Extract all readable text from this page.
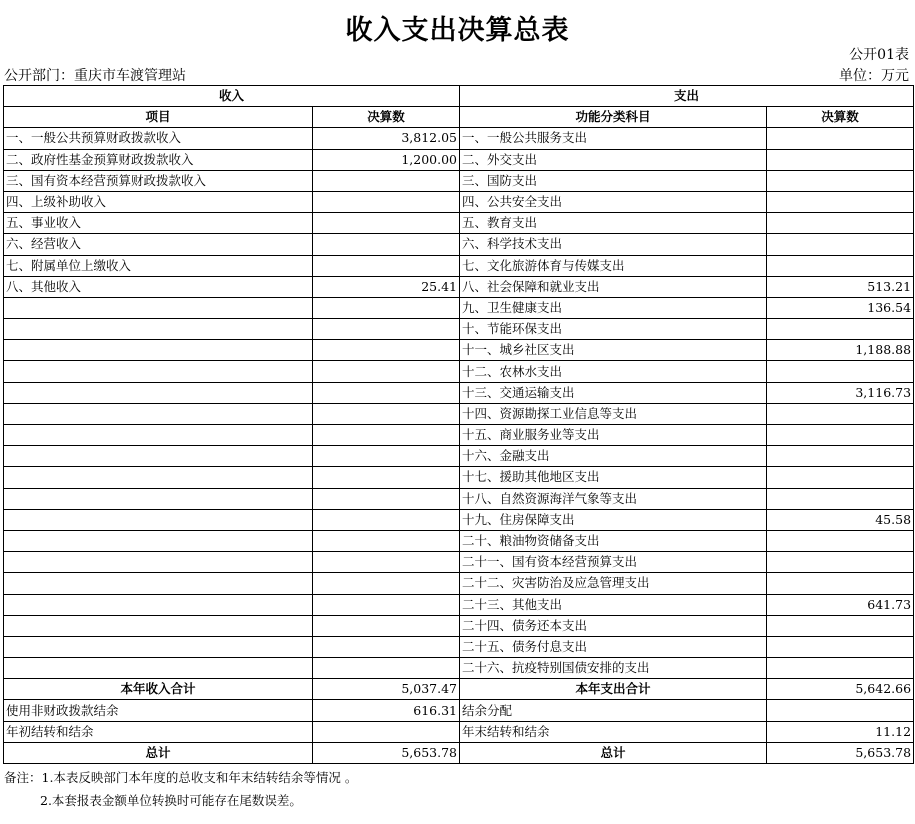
收入支出决算总表
公开01表
公开部门：重庆市车渡管理站	单位：万元
收入		支出	
项目	决算数	功能分类科目	决算数
一、一般公共预算财政拨款收入	3,812.05	一、一般公共服务支出	
二、政府性基金预算财政拨款收入	1,200.00	二、外交支出	
三、国有资本经营预算财政拨款收入		三、国防支出	
四、上级补助收入		四、公共安全支出	
五、事业收入		五、教育支出	
六、经营收入		六、科学技术支出	
七、附属单位上缴收入		七、文化旅游体育与传媒支出	
八、其他收入	25.41	八、社会保障和就业支出	513.21
		九、卫生健康支出	136.54
		十、节能环保支出	
		十一、城乡社区支出	1,188.88
		十二、农林水支出	
		十三、交通运输支出	3,116.73
		十四、资源勘探工业信息等支出	
		十五、商业服务业等支出	
		十六、金融支出	
		十七、援助其他地区支出	
		十八、自然资源海洋气象等支出	
		十九、住房保障支出	45.58
		二十、粮油物资储备支出	
		二十一、国有资本经营预算支出	
		二十二、灾害防治及应急管理支出	
		二十三、其他支出	641.73
		二十四、债务还本支出	
		二十五、债务付息支出	
		二十六、抗疫特别国债安排的支出	
本年收入合计	5,037.47	本年支出合计	5,642.66
使用非财政拨款结余	616.31	结余分配	
年初结转和结余		年末结转和结余	11.12
总计	5,653.78	总计	5,653.78
备注：1.本表反映部门本年度的总收支和年末结转结余等情况 。
2.本套报表金额单位转换时可能存在尾数误差。
